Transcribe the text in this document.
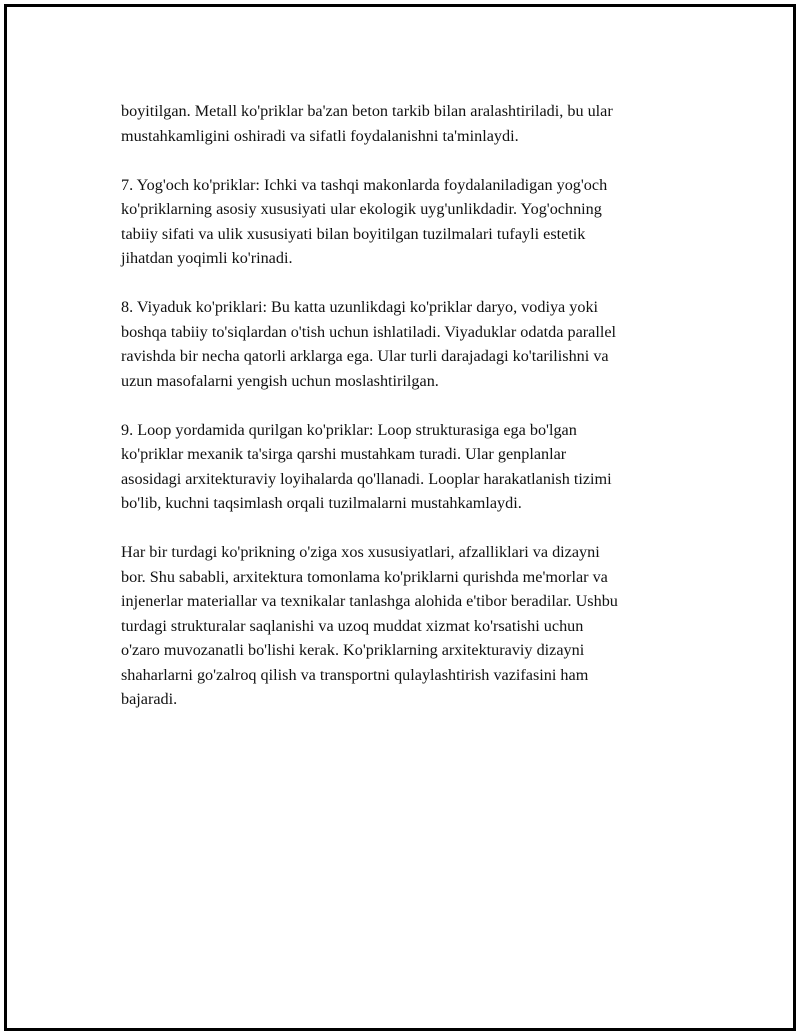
boyitilgan. Metall ko'priklar ba'zan beton tarkib bilan aralashtiriladi, bu ular
mustahkamligini oshiradi va sifatli foydalanishni ta'minlaydi.

7. Yog'och ko'priklar: Ichki va tashqi makonlarda foydalaniladigan yog'och
ko'priklarning asosiy xususiyati ular ekologik uyg'unlikdadir. Yog'ochning
tabiiy sifati va ulik xususiyati bilan boyitilgan tuzilmalari tufayli estetik
jihatdan yoqimli ko'rinadi.

8. Viyaduk ko'priklari: Bu katta uzunlikdagi ko'priklar daryo, vodiya yoki
boshqa tabiiy to'siqlardan o'tish uchun ishlatiladi. Viyaduklar odatda parallel
ravishda bir necha qatorli arklarga ega. Ular turli darajadagi ko'tarilishni va
uzun masofalarni yengish uchun moslashtirilgan.

9. Loop yordamida qurilgan ko'priklar: Loop strukturasiga ega bo'lgan
ko'priklar mexanik ta'sirga qarshi mustahkam turadi. Ular genplanlar
asosidagi arxitekturaviy loyihalarda qo'llanadi. Looplar harakatlanish tizimi
bo'lib, kuchni taqsimlash orqali tuzilmalarni mustahkamlaydi.

Har bir turdagi ko'prikning o'ziga xos xususiyatlari, afzalliklari va dizayni
bor. Shu sababli, arxitektura tomonlama ko'priklarni qurishda me'morlar va
injenerlar materiallar va texnikalar tanlashga alohida e'tibor beradilar. Ushbu
turdagi strukturalar saqlanishi va uzoq muddat xizmat ko'rsatishi uchun
o'zaro muvozanatli bo'lishi kerak. Ko'priklarning arxitekturaviy dizayni
shaharlarni go'zalroq qilish va transportni qulaylashtirish vazifasini ham
bajaradi.
